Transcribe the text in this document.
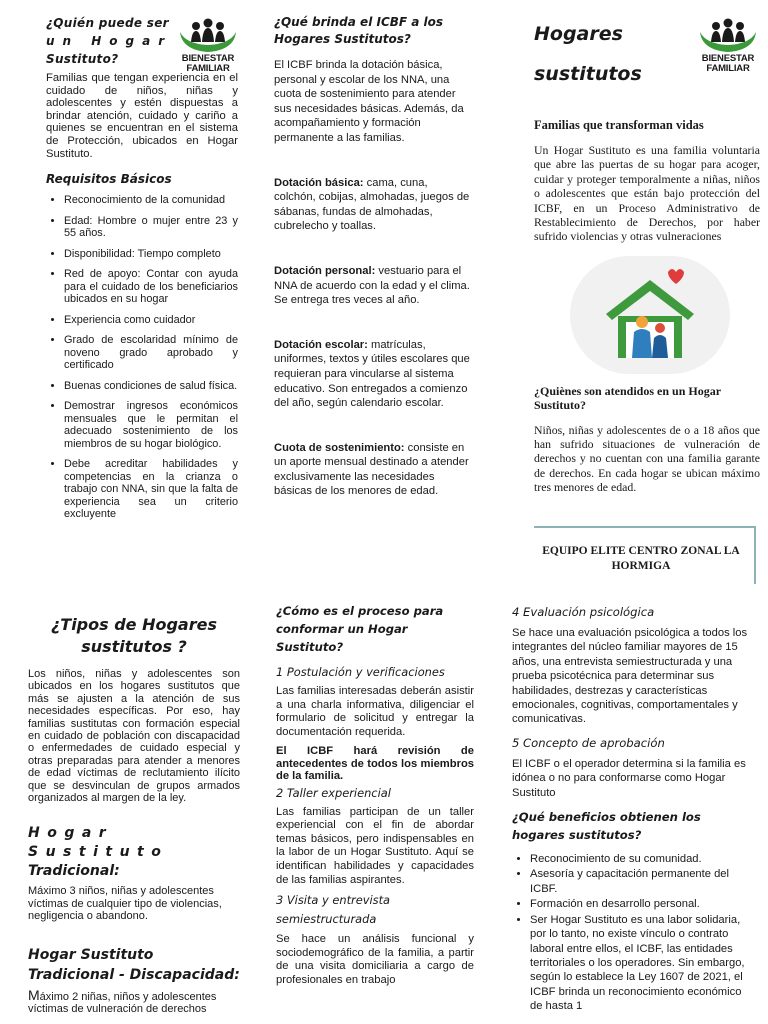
BIENESTAR
FAMILIAR
BIENESTAR
FAMILIAR
¿Quién puede ser
un Hogar
Sustituto?
Familias que tengan experiencia en el cuidado de niños, niñas y adolescentes y estén dispuestas a brindar atención, cuidado y cariño a quienes se encuentran en el sistema de Protección, ubicados en Hogar Sustituto.
Requisitos Básicos
• Reconocimiento de la comunidad
• Edad: Hombre o mujer entre 23 y 55 años.
• Disponibilidad: Tiempo completo
• Red de apoyo: Contar con ayuda para el cuidado de los beneficiarios ubicados en su hogar
• Experiencia como cuidador
• Grado de escolaridad mínimo de noveno grado aprobado y certificado
• Buenas condiciones de salud física.
• Demostrar ingresos económicos mensuales que le permitan el adecuado sostenimiento de los miembros de su hogar biológico.
• Debe acreditar habilidades y competencias en la crianza o trabajo con NNA, sin que la falta de experiencia sea un criterio excluyente
¿Qué brinda el ICBF a los Hogares Sustitutos?
El ICBF brinda la dotación básica, personal y escolar de los NNA, una cuota de sostenimiento para atender sus necesidades básicas. Además, da acompañamiento y formación permanente a las familias.
Dotación básica: cama, cuna, colchón, cobijas, almohadas, juegos de sábanas, fundas de almohadas, cubrelecho y toallas.
Dotación personal: vestuario para el NNA de acuerdo con la edad y el clima. Se entrega tres veces al año.
Dotación escolar: matrículas, uniformes, textos y útiles escolares que requieran para vincularse al sistema educativo. Son entregados a comienzo del año, según calendario escolar.
Cuota de sostenimiento: consiste en un aporte mensual destinado a atender exclusivamente las necesidades básicas de los menores de edad.
Hogares
sustitutos
Familias que transforman vidas
Un Hogar Sustituto es una familia voluntaria que abre las puertas de su hogar para acoger, cuidar y proteger temporalmente a niñas, niños o adolescentes que están bajo protección del ICBF, en un Proceso Administrativo de Restablecimiento de Derechos, por haber sufrido violencias y otras vulneraciones
¿Quiènes son atendidos en un Hogar Sustituto?
Niños, niñas y adolescentes de o a 18 años que han sufrido situaciones de vulneración de derechos y no cuentan con una familia garante de derechos. En cada hogar se ubican máximo tres menores de edad.
EQUIPO ELITE CENTRO ZONAL LA HORMIGA
¿Tipos de Hogares sustitutos ?
Los niños, niñas y adolescentes son ubicados en los hogares sustitutos que más se ajusten a la atención de sus necesidades específicas. Por eso, hay familias sustitutas con formación especial en cuidado de población con discapacidad o enfermedades de cuidado especial y otras preparadas para atender a menores de edad víctimas de reclutamiento ilícito que se desvinculan de grupos armados organizados al margen de la ley.
Hogar Sustituto
Tradicional:
Máximo 3 niños, niñas y adolescentes víctimas de cualquier tipo de violencias, negligencia o abandono.
Hogar Sustituto Tradicional - Discapacidad:
Máximo 2 niñas, niños y adolescentes víctimas de vulneración de derechos
¿Cómo es el proceso para conformar un Hogar Sustituto?
1 Postulación y verificaciones
Las familias interesadas deberán asistir a una charla informativa, diligenciar el formulario de solicitud y entregar la documentación requerida.
El ICBF hará revisión de antecedentes de todos los miembros de la familia.
2 Taller experiencial
Las familias participan de un taller experiencial con el fin de abordar temas básicos, pero indispensables en la labor de un Hogar Sustituto. Aquí se identifican habilidades y capacidades de las familias aspirantes.
3 Visita y entrevista semiestructurada
Se hace un análisis funcional y sociodemográfico de la familia, a partir de una visita domiciliaria a cargo de profesionales en trabajo
4 Evaluación psicológica
Se hace una evaluación psicológica a todos los integrantes del núcleo familiar mayores de 15 años, una entrevista semiestructurada y una prueba psicotécnica para determinar sus habilidades, destrezas y características emocionales, cognitivas, comportamentales y comunicativas.
5 Concepto de aprobación
El ICBF o el operador determina si la familia es idónea o no para conformarse como Hogar Sustituto
¿Qué beneficios obtienen los hogares sustitutos?
• Reconocimiento de su comunidad.
• Asesoría y capacitación permanente del ICBF.
• Formación en desarrollo personal.
• Ser Hogar Sustituto es una labor solidaria, por lo tanto, no existe vínculo o contrato laboral entre ellos, el ICBF, las entidades territoriales o los operadores. Sin embargo, según lo establece la Ley 1607 de 2021, el ICBF brinda un reconocimiento económico de hasta 1
